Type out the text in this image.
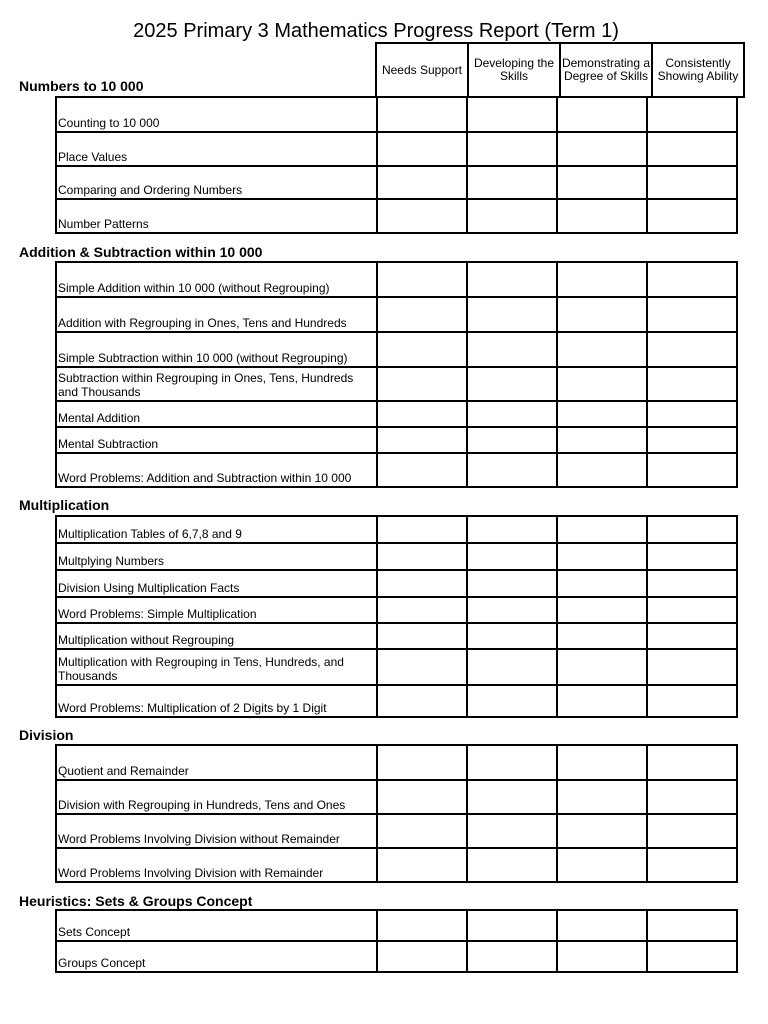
2025 Primary 3 Mathematics Progress Report (Term 1)
Needs Support	Developing the Skills	Demonstrating a Degree of Skills	Consistently Showing Ability
Numbers to 10 000
Counting to 10 000				
Place Values				
Comparing and Ordering Numbers				
Number Patterns				
Addition & Subtraction within 10 000
Simple Addition within 10 000 (without Regrouping)				
Addition with Regrouping in Ones, Tens and Hundreds				
Simple Subtraction within 10 000 (without Regrouping)				
Subtraction within Regrouping in Ones, Tens, Hundreds and Thousands				
Mental Addition				
Mental Subtraction				
Word Problems: Addition and Subtraction within 10 000				
Multiplication
Multiplication Tables of 6,7,8 and 9				
Multplying Numbers				
Division Using Multiplication Facts				
Word Problems: Simple Multiplication				
Multiplication without Regrouping				
Multiplication with Regrouping in Tens, Hundreds, and Thousands				
Word Problems: Multiplication of 2 Digits by 1 Digit				
Division
Quotient and Remainder				
Division with Regrouping in Hundreds, Tens and Ones				
Word Problems Involving Division without Remainder				
Word Problems Involving Division with Remainder				
Heuristics: Sets & Groups Concept
Sets Concept				
Groups Concept				
